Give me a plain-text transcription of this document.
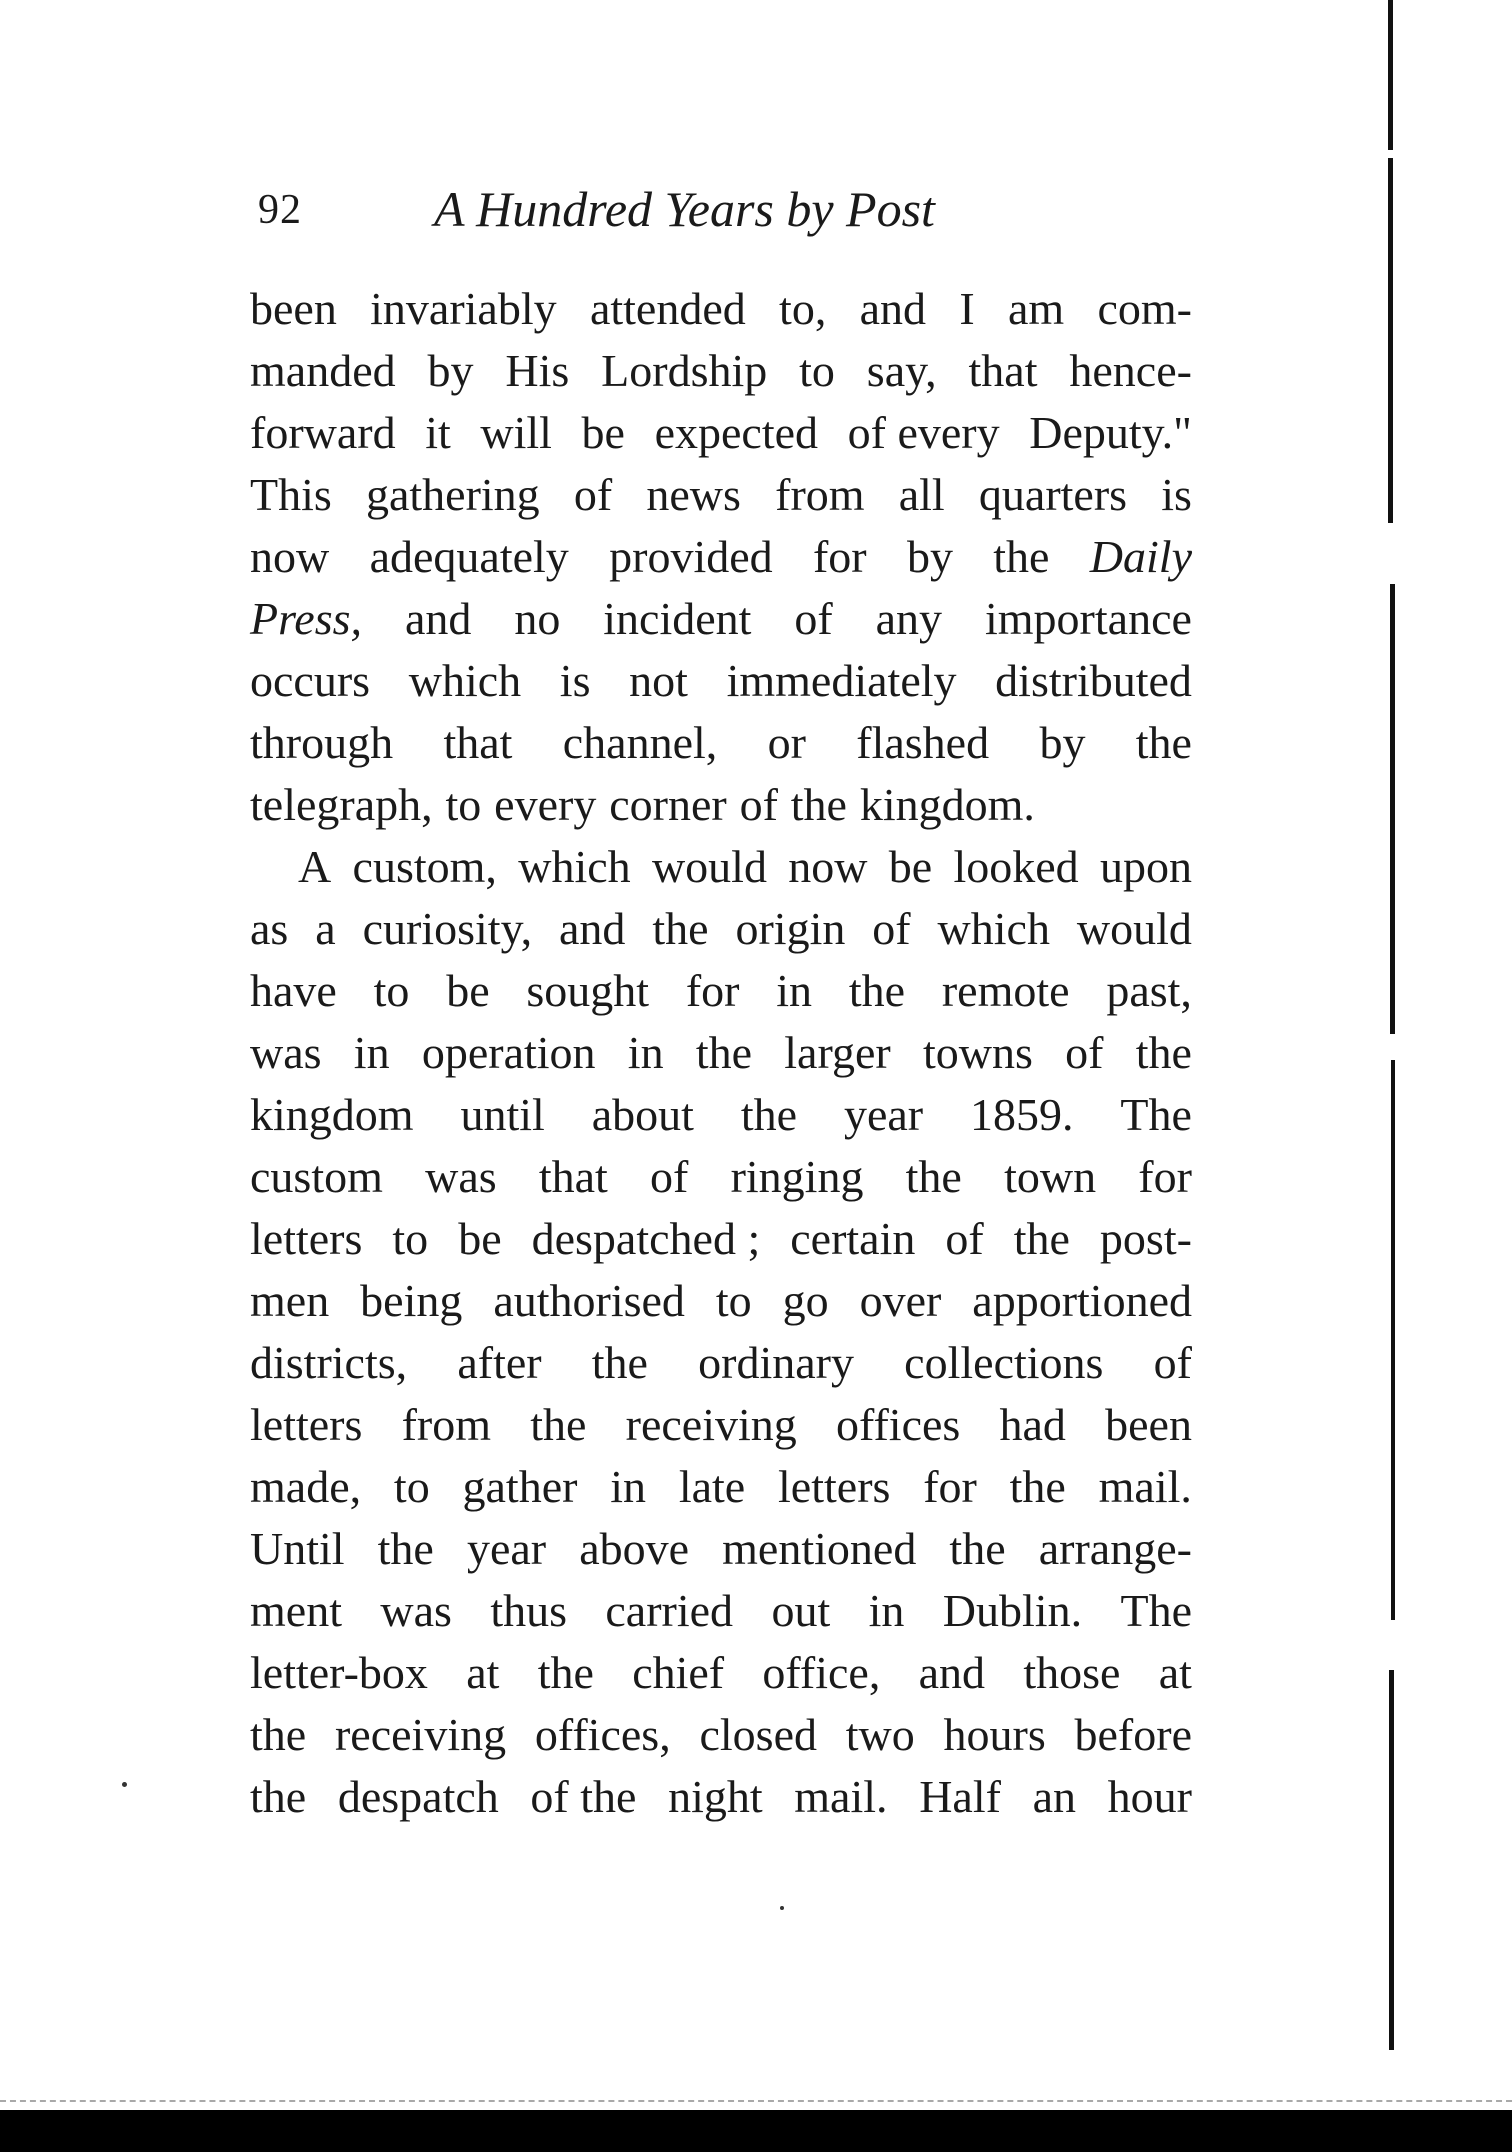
92	A Hundred Years by Post
been invariably attended to, and I am com-
manded by His Lordship to say, that hence-
forward it will be expected of every Deputy."
This gathering of news from all quarters is
now adequately provided for by the Daily
Press, and no incident of any importance
occurs which is not immediately distributed
through that channel, or flashed by the
telegraph, to every corner of the kingdom.
A custom, which would now be looked upon
as a curiosity, and the origin of which would
have to be sought for in the remote past,
was in operation in the larger towns of the
kingdom until about the year 1859. The
custom was that of ringing the town for
letters to be despatched ; certain of the post-
men being authorised to go over apportioned
districts, after the ordinary collections of
letters from the receiving offices had been
made, to gather in late letters for the mail.
Until the year above mentioned the arrange-
ment was thus carried out in Dublin. The
letter-box at the chief office, and those at
the receiving offices, closed two hours before
the despatch of the night mail. Half an hour
